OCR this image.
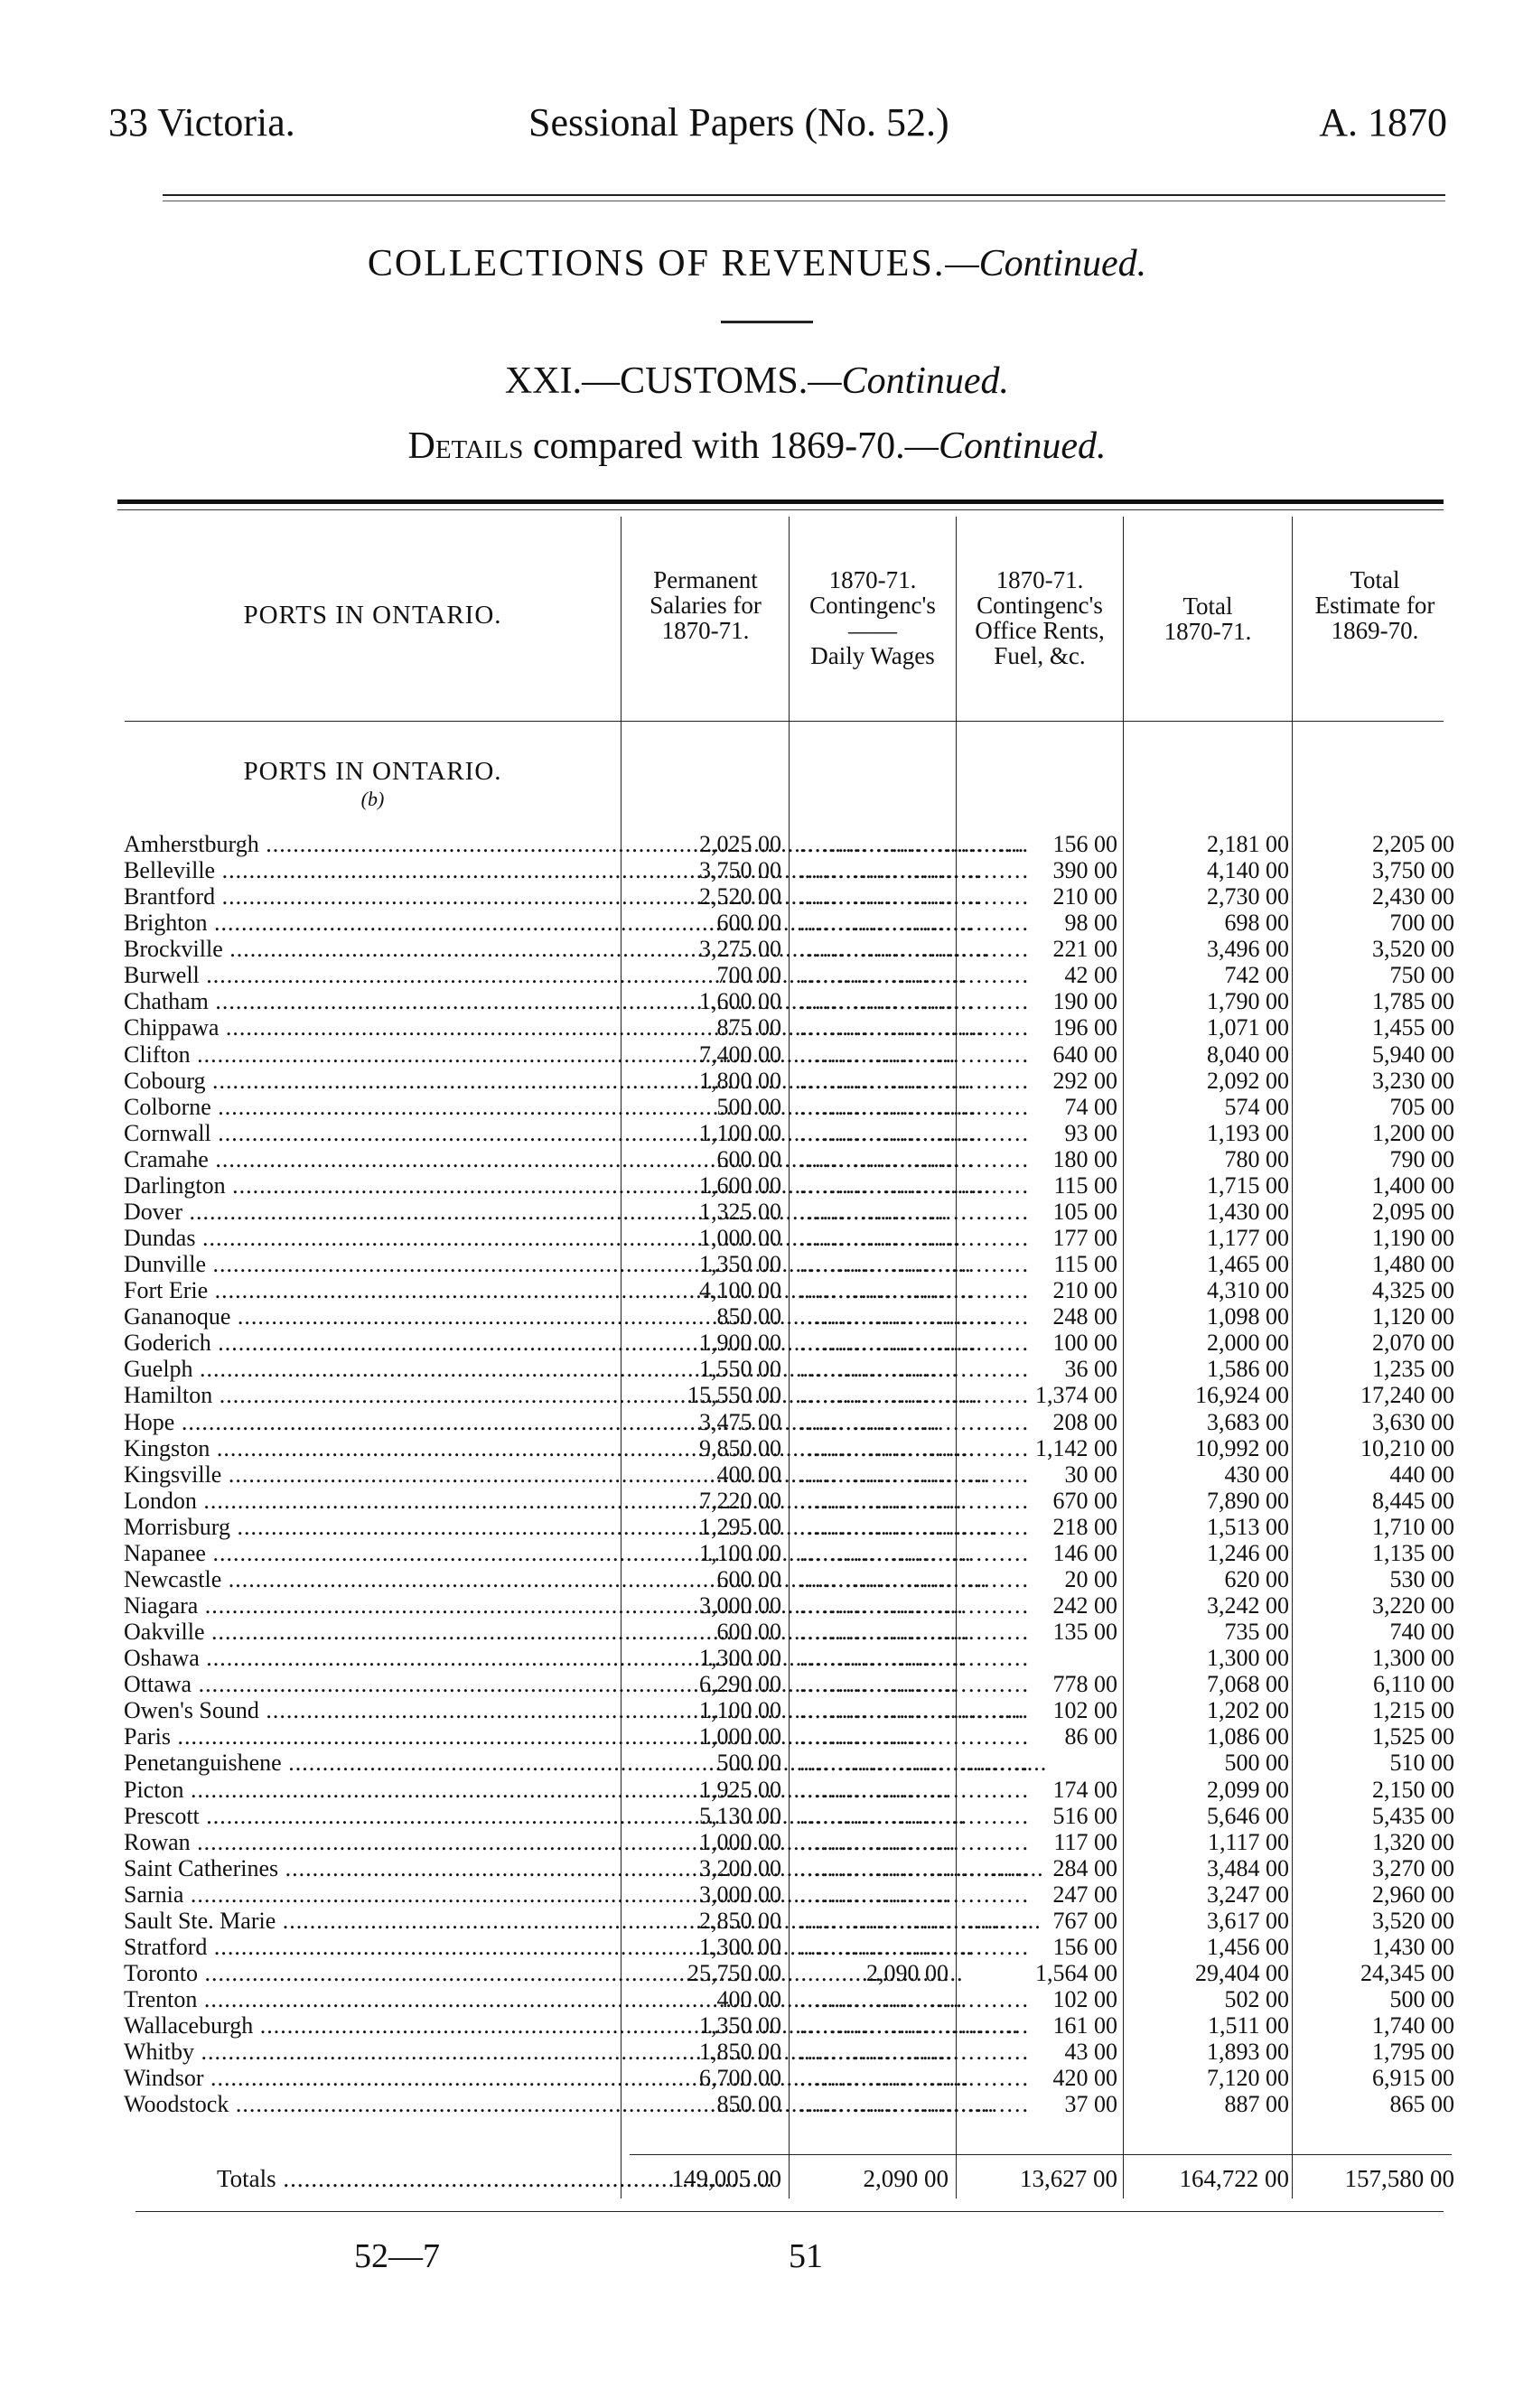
33 Victoria.	Sessional Papers (No. 52.)	A. 1870
COLLECTIONS OF REVENUES.—Continued.
XXI.—CUSTOMS.—Continued.
Details compared with 1869-70.—Continued.
PORTS IN ONTARIO.
Permanent
Salaries for
1870-71.
1870-71.
Contingenc's
——
Daily Wages
1870-71.
Contingenc's
Office Rents,
Fuel, &c.
Total
1870-71.
Total
Estimate for
1869-70.
PORTS IN ONTARIO.
(b)
Amherstburgh .....	2,025 00 .............................. 156 00	2,181 00	2,205 00
Belleville .....	3,750 00 .............................. 390 00	4,140 00	3,750 00
Brantford .....	2,520 00 .............................. 210 00	2,730 00	2,430 00
Brighton .....	600 00 ..............................	98 00	698 00	700 00
Brockville .....	3,275 00 .............................. 221 00	3,496 00	3,520 00
Burwell .....	700 00 ..............................	42 00	742 00	750 00
Chatham .....	1,600 00 .............................. 190 00	1,790 00	1,785 00
Chippawa .....	875 00 .............................. 196 00	1,071 00	1,455 00
Clifton .....	7,400 00 .............................. 640 00	8,040 00	5,940 00
Cobourg .....	1,800 00 .............................. 292 00	2,092 00	3,230 00
Colborne .....	500 00 ..............................	74 00	574 00	705 00
Cornwall .....	1,100 00 ..............................	93 00	1,193 00	1,200 00
Cramahe .....	600 00 .............................. 180 00	780 00	790 00
Darlington .....	1,600 00 ..............................	115 00	1,715 00	1,400 00
Dover .....	1,325 00 .............................. 105 00	1,430 00	2,095 00
Dundas .....	1,000 00 .............................. 177 00	1,177 00	1,190 00
Dunville .....	1,350 00 ..............................	115 00	1,465 00	1,480 00
Fort Erie .....	4,100 00 .............................. 210 00	4,310 00	4,325 00
Gananoque .....	850 00 .............................. 248 00	1,098 00	1,120 00
Goderich .....	1,900 00 .............................. 100 00	2,000 00	2,070 00
Guelph .....	1,550 00 ..............................	36 00	1,586 00	1,235 00
Hamilton .....	15,550 00 .............................. 1,374 00	16,924 00	17,240 00
Hope .....	3,475 00 .............................. 208 00	3,683 00	3,630 00
Kingston .....	9,850 00 .............................. 1,142 00	10,992 00	10,210 00
Kingsville .....	400 00 ..............................	30 00	430 00	440 00
London .....	7,220 00 .............................. 670 00	7,890 00	8,445 00
Morrisburg .....	1,295 00 .............................. 218 00	1,513 00	1,710 00
Napanee .....	1,100 00 .............................. 146 00	1,246 00	1,135 00
Newcastle .....	600 00 ..............................	20 00	620 00	530 00
Niagara .....	3,000 00 .............................. 242 00	3,242 00	3,220 00
Oakville .....	600 00 .............................. 135 00	735 00	740 00
Oshawa .....	1,300 00 ..............................	1,300 00	1,300 00
Ottawa .....	6,290 00 .............................. 778 00	7,068 00	6,110 00
Owen's Sound .....	1,100 00 .............................. 102 00	1,202 00	1,215 00
Paris .....	1,000 00 ..............................	86 00	1,086 00	1,525 00
Penetanguishene .....	500 00 ..............................	500 00	510 00
Picton .....	1,925 00 .............................. 174 00	2,099 00	2,150 00
Prescott .....	5,130 00 .............................. 516 00	5,646 00	5,435 00
Rowan .....	1,000 00 ..............................	117 00	1,117 00	1,320 00
Saint Catherines .....	3,200 00 .............................. 284 00	3,484 00	3,270 00
Sarnia .....	3,000 00 .............................. 247 00	3,247 00	2,960 00
Sault Ste. Marie .....	2,850 00 .............................. 767 00	3,617 00	3,520 00
Stratford .....	1,300 00 .............................. 156 00	1,456 00	1,430 00
Toronto .....	25,750 00	2,090 00	1,564 00	29,404 00	24,345 00
Trenton .....	400 00 .............................. 102 00	502 00	500 00
Wallaceburgh .....	1,350 00 .............................. 161 00	1,511 00	1,740 00
Whitby .....	1,850 00 ..............................	43 00	1,893 00	1,795 00
Windsor .....	6,700 00 .............................. 420 00	7,120 00	6,915 00
Woodstock .....	850 00 ..............................	37 00	887 00	865 00
Totals .....	149,005 00	2,090 00	13,627 00	164,722 00	157,580 00
52—7	51
